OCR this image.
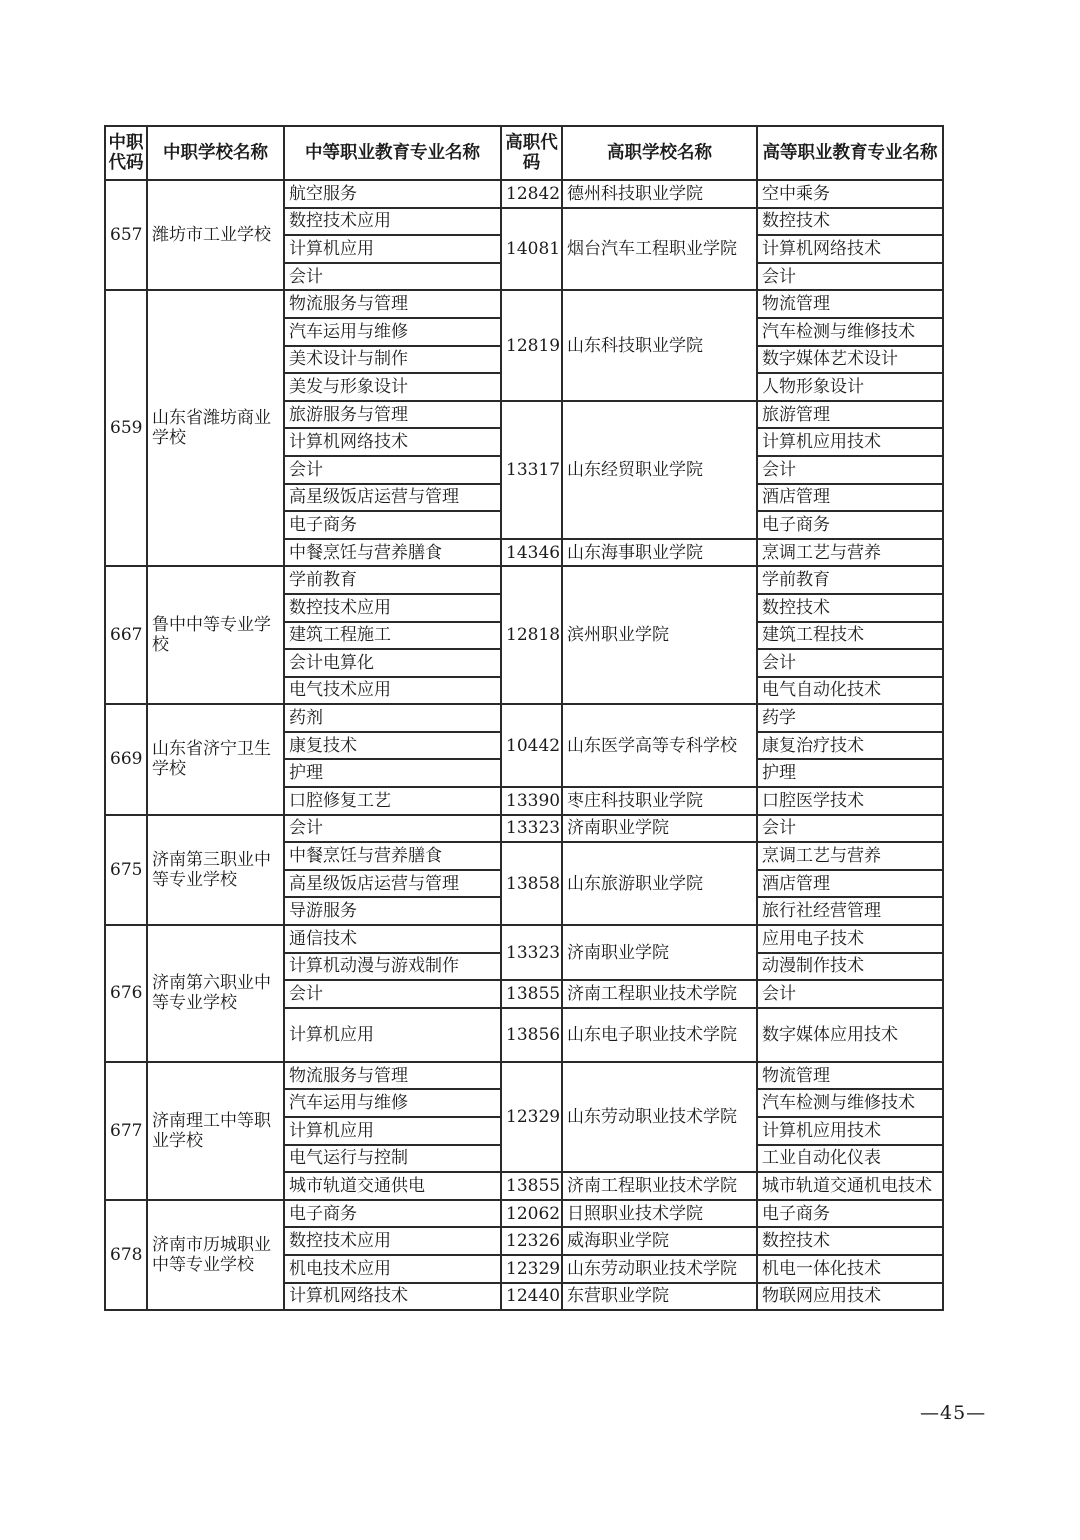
中职代码	中职学校名称	中等职业教育专业名称	高职代码	高职学校名称	高等职业教育专业名称
657	潍坊市工业学校	航空服务	12842	德州科技职业学院	空中乘务
		数控技术应用	14081	烟台汽车工程职业学院	数控技术
		计算机应用			计算机网络技术
		会计			会计
659	山东省潍坊商业学校	物流服务与管理	12819	山东科技职业学院	物流管理
		汽车运用与维修			汽车检测与维修技术
		美术设计与制作			数字媒体艺术设计
		美发与形象设计			人物形象设计
		旅游服务与管理	13317	山东经贸职业学院	旅游管理
		计算机网络技术			计算机应用技术
		会计			会计
		高星级饭店运营与管理			酒店管理
		电子商务			电子商务
		中餐烹饪与营养膳食	14346	山东海事职业学院	烹调工艺与营养
667	鲁中中等专业学校	学前教育	12818	滨州职业学院	学前教育
		数控技术应用			数控技术
		建筑工程施工			建筑工程技术
		会计电算化			会计
		电气技术应用			电气自动化技术
669	山东省济宁卫生学校	药剂	10442	山东医学高等专科学校	药学
		康复技术			康复治疗技术
		护理			护理
		口腔修复工艺	13390	枣庄科技职业学院	口腔医学技术
675	济南第三职业中等专业学校	会计	13323	济南职业学院	会计
		中餐烹饪与营养膳食	13858	山东旅游职业学院	烹调工艺与营养
		高星级饭店运营与管理			酒店管理
		导游服务			旅行社经营管理
676	济南第六职业中等专业学校	通信技术	13323	济南职业学院	应用电子技术
		计算机动漫与游戏制作			动漫制作技术
		会计	13855	济南工程职业技术学院	会计
		计算机应用	13856	山东电子职业技术学院	数字媒体应用技术
677	济南理工中等职业学校	物流服务与管理	12329	山东劳动职业技术学院	物流管理
		汽车运用与维修			汽车检测与维修技术
		计算机应用			计算机应用技术
		电气运行与控制			工业自动化仪表
		城市轨道交通供电	13855	济南工程职业技术学院	城市轨道交通机电技术
678	济南市历城职业中等专业学校	电子商务	12062	日照职业技术学院	电子商务
		数控技术应用	12326	威海职业学院	数控技术
		机电技术应用	12329	山东劳动职业技术学院	机电一体化技术
		计算机网络技术	12440	东营职业学院	物联网应用技术
—45—
